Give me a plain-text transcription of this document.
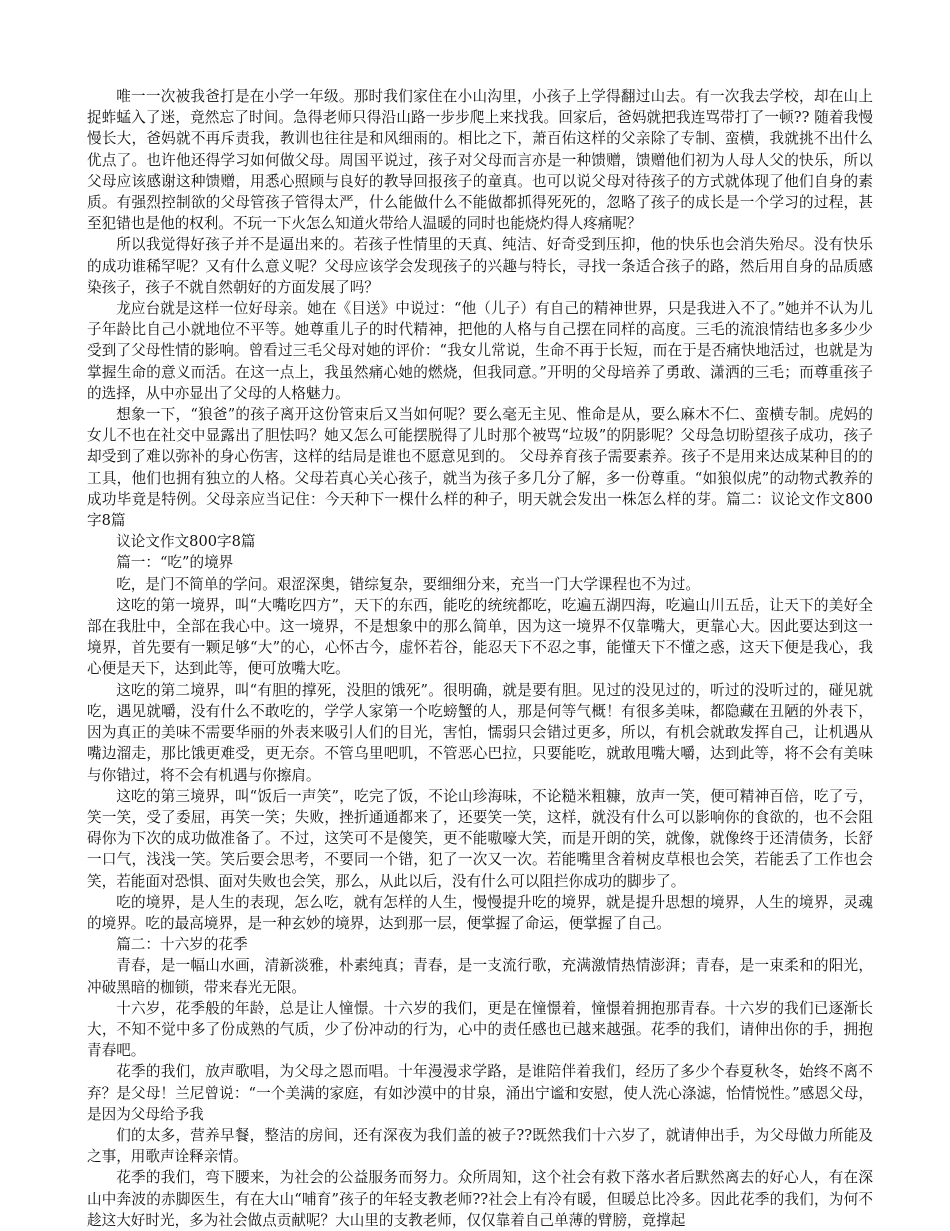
唯一一次被我爸打是在小学一年级。那时我们家住在小山沟里，小孩子上学得翻过山去。有一次我去学校，却在山上捉蚱蜢入了迷，竟然忘了时间。急得老师只得沿山路一步步爬上来找我。回家后，爸妈就把我连骂带打了一顿?? 随着我慢慢长大，爸妈就不再斥责我，教训也往往是和风细雨的。相比之下，萧百佑这样的父亲除了专制、蛮横，我就挑不出什么优点了。也许他还得学习如何做父母。周国平说过，孩子对父母而言亦是一种馈赠，馈赠他们初为人母人父的快乐，所以父母应该感谢这种馈赠，用悉心照顾与良好的教导回报孩子的童真。也可以说父母对待孩子的方式就体现了他们自身的素质。有强烈控制欲的父母管孩子管得太严，什么能做什么不能做都抓得死死的，忽略了孩子的成长是一个学习的过程，甚至犯错也是他的权利。不玩一下火怎么知道火带给人温暖的同时也能烧灼得人疼痛呢？

所以我觉得好孩子并不是逼出来的。若孩子性情里的天真、纯洁、好奇受到压抑，他的快乐也会消失殆尽。没有快乐的成功谁稀罕呢？又有什么意义呢？父母应该学会发现孩子的兴趣与特长，寻找一条适合孩子的路，然后用自身的品质感染孩子，孩子不就自然朝好的方面发展了吗？

龙应台就是这样一位好母亲。她在《目送》中说过：“他（儿子）有自己的精神世界，只是我进入不了。”她并不认为儿子年龄比自己小就地位不平等。她尊重儿子的时代精神，把他的人格与自己摆在同样的高度。三毛的流浪情结也多多少少受到了父母性情的影响。曾看过三毛父母对她的评价：“我女儿常说，生命不再于长短，而在于是否痛快地活过，也就是为掌握生命的意义而活。在这一点上，我虽然痛心她的燃烧，但我同意。”开明的父母培养了勇敢、潇洒的三毛；而尊重孩子的选择，从中亦显出了父母的人格魅力。

想象一下，“狼爸”的孩子离开这份管束后又当如何呢？要么毫无主见、惟命是从，要么麻木不仁、蛮横专制。虎妈的女儿不也在社交中显露出了胆怯吗？她又怎么可能摆脱得了儿时那个被骂“垃圾”的阴影呢？父母急切盼望孩子成功，孩子却受到了难以弥补的身心伤害，这样的结局是谁也不愿意见到的。 父母养育孩子需要素养。孩子不是用来达成某种目的的工具，他们也拥有独立的人格。父母若真心关心孩子，就当为孩子多几分了解，多一份尊重。“如狼似虎”的动物式教养的成功毕竟是特例。父母亲应当记住：今天种下一棵什么样的种子，明天就会发出一株怎么样的芽。篇二：议论文作文800字8篇

议论文作文800字8篇

篇一：“吃”的境界

吃，是门不简单的学问。艰涩深奥，错综复杂，要细细分来，充当一门大学课程也不为过。

这吃的第一境界，叫“大嘴吃四方”，天下的东西，能吃的统统都吃，吃遍五湖四海，吃遍山川五岳，让天下的美好全部在我肚中，全部在我心中。这一境界，不是想象中的那么简单，因为这一境界不仅靠嘴大，更靠心大。因此要达到这一境界，首先要有一颗足够“大”的心，心怀古今，虚怀若谷，能忍天下不忍之事，能懂天下不懂之惑，这天下便是我心，我心便是天下，达到此等，便可放嘴大吃。

这吃的第二境界，叫“有胆的撑死，没胆的饿死”。很明确，就是要有胆。见过的没见过的，听过的没听过的，碰见就吃，遇见就嚼，没有什么不敢吃的，学学人家第一个吃螃蟹的人，那是何等气概！有很多美味，都隐藏在丑陋的外表下，因为真正的美味不需要华丽的外表来吸引人们的目光，害怕，懦弱只会错过更多，所以，有机会就敢发挥自己，让机遇从嘴边溜走，那比饿更难受，更无奈。不管乌里吧叽，不管恶心巴拉，只要能吃，就敢甩嘴大嚼，达到此等，将不会有美味与你错过，将不会有机遇与你擦肩。

这吃的第三境界，叫“饭后一声笑”，吃完了饭，不论山珍海味，不论糙米粗糠，放声一笑，便可精神百倍，吃了亏，笑一笑，受了委屈，再笑一笑；失败，挫折通通都来了，还要笑一笑，这样，就没有什么可以影响你的食欲的，也不会阻碍你为下次的成功做准备了。不过，这笑可不是傻笑，更不能嗷嚎大笑，而是开朗的笑，就像，就像终于还清债务，长舒一口气，浅浅一笑。笑后要会思考，不要同一个错，犯了一次又一次。若能嘴里含着树皮草根也会笑，若能丢了工作也会笑，若能面对恐惧、面对失败也会笑，那么，从此以后，没有什么可以阻拦你成功的脚步了。

吃的境界，是人生的表现，怎么吃，就有怎样的人生，慢慢提升吃的境界，就是提升思想的境界，人生的境界，灵魂的境界。吃的最高境界，是一种玄妙的境界，达到那一层，便掌握了命运，便掌握了自己。

篇二：十六岁的花季

青春，是一幅山水画，清新淡雅，朴素纯真；青春，是一支流行歌，充满激情热情澎湃；青春，是一束柔和的阳光，冲破黑暗的枷锁，带来春光无限。

十六岁，花季般的年龄，总是让人憧憬。十六岁的我们，更是在憧憬着，憧憬着拥抱那青春。十六岁的我们已逐渐长大，不知不觉中多了份成熟的气质，少了份冲动的行为，心中的责任感也已越来越强。花季的我们，请伸出你的手，拥抱青春吧。

花季的我们，放声歌唱，为父母之恩而唱。十年漫漫求学路，是谁陪伴着我们，经历了多少个春夏秋冬，始终不离不弃？是父母！兰尼曾说：“一个美满的家庭，有如沙漠中的甘泉，涌出宁谧和安慰，使人洗心涤滤，怡情悦性。”感恩父母，是因为父母给予我

们的太多，营养早餐，整洁的房间，还有深夜为我们盖的被子??既然我们十六岁了，就请伸出手，为父母做力所能及之事，用歌声诠释亲情。

花季的我们，弯下腰来，为社会的公益服务而努力。众所周知，这个社会有救下落水者后默然离去的好心人，有在深山中奔波的赤脚医生，有在大山“哺育”孩子的年轻支教老师??社会上有冷有暖，但暖总比冷多。因此花季的我们，为何不趁这大好时光，多为社会做点贡献呢？大山里的支教老师，仅仅靠着自己单薄的臂膀，竟撑起
